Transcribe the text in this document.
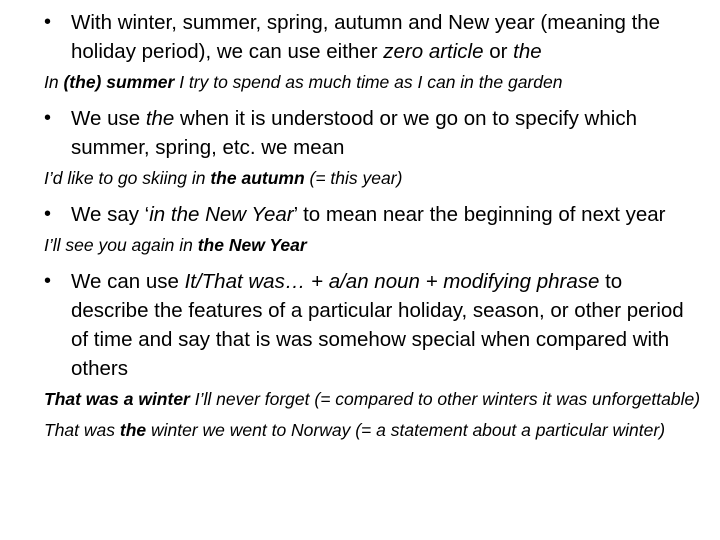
• With winter, summer, spring, autumn and New year (meaning the holiday period), we can use either zero article or the

In (the) summer I try to spend as much time as I can in the garden

• We use the when it is understood or we go on to specify which summer, spring, etc. we mean

I’d like to go skiing in the autumn (= this year)

• We say ‘in the New Year’ to mean near the beginning of next year

I’ll see you again in the New Year

• We can use It/That was… + a/an noun + modifying phrase to describe the features of a particular holiday, season, or other period of time and say that is was somehow special when compared with others

That was a winter I’ll never forget (= compared to other winters it was unforgettable)

That was the winter we went to Norway (= a statement about a particular winter)
